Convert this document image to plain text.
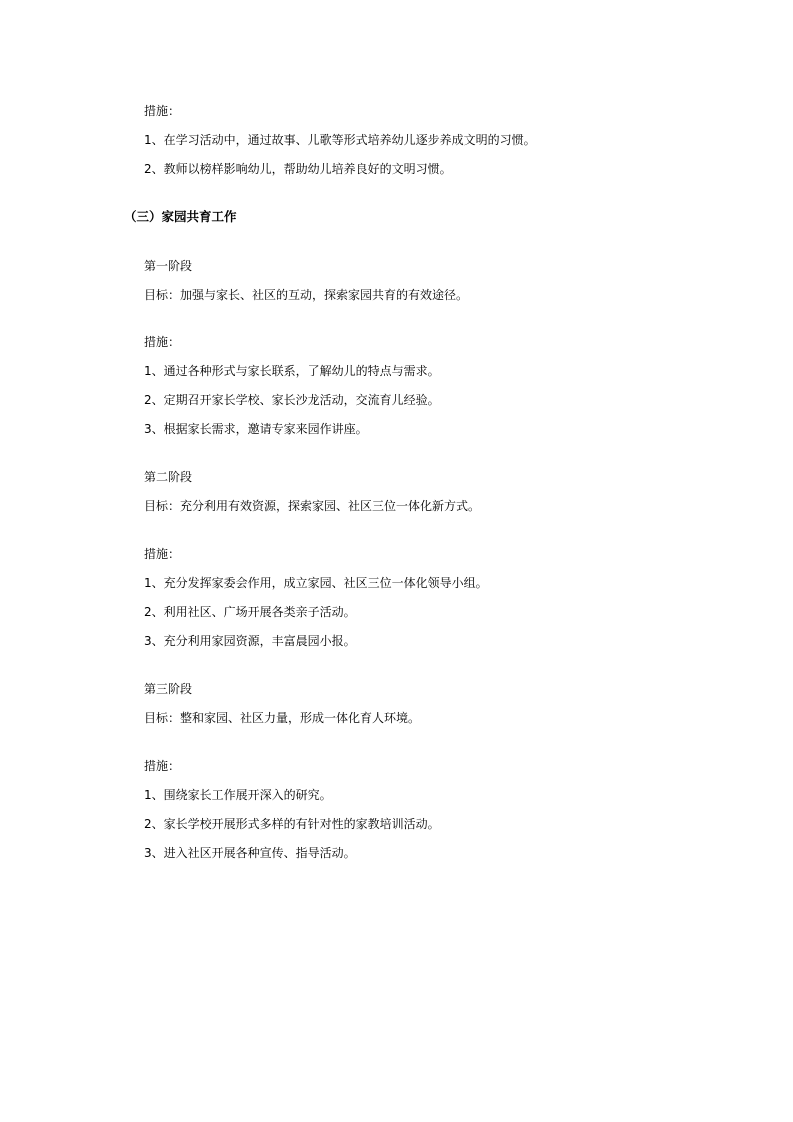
措施：
1、在学习活动中，通过故事、儿歌等形式培养幼儿逐步养成文明的习惯。
2、教师以榜样影响幼儿，帮助幼儿培养良好的文明习惯。
（三）家园共育工作
第一阶段
目标：加强与家长、社区的互动，探索家园共育的有效途径。
措施：
1、通过各种形式与家长联系，了解幼儿的特点与需求。
2、定期召开家长学校、家长沙龙活动，交流育儿经验。
3、根据家长需求，邀请专家来园作讲座。
第二阶段
目标：充分利用有效资源，探索家园、社区三位一体化新方式。
措施：
1、充分发挥家委会作用，成立家园、社区三位一体化领导小组。
2、利用社区、广场开展各类亲子活动。
3、充分利用家园资源，丰富晨园小报。
第三阶段
目标：整和家园、社区力量，形成一体化育人环境。
措施：
1、围绕家长工作展开深入的研究。
2、家长学校开展形式多样的有针对性的家教培训活动。
3、进入社区开展各种宣传、指导活动。
